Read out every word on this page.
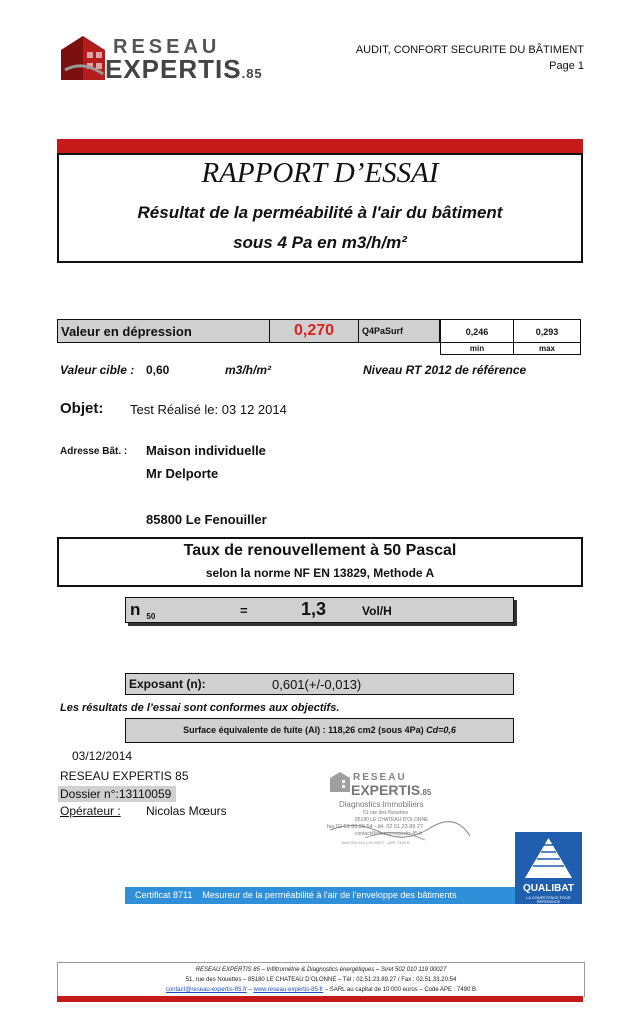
RESEAU
EXPERTIS.85
AUDIT, CONFORT SECURITE DU BÂTIMENT
Page 1
RAPPORT D’ESSAI
Résultat de la perméabilité à l'air du bâtiment
sous 4 Pa en m3/h/m²
Valeur en dépression	0,270	Q4PaSurf	0,246	0,293
min	max
Valeur cible : 0,60	m3/h/m²	Niveau RT 2012 de référence
Objet: Test Réalisé le: 03 12 2014
Adresse Bât. : Maison individuelle
Mr Delporte
85800 Le Fenouiller
Taux de renouvellement à 50 Pascal
selon la norme NF EN 13829, Methode A
n $_{50}$	=	1,3	Vol/H
Exposant (n):	0,601(+/-0,013)
Les résultats de l’essai sont conformes aux objectifs.
Surface équivalente de fuite (Al) : 118,26 cm2 (sous 4Pa) Cd=0,6
03/12/2014
RESEAU EXPERTIS 85
Dossier n°:13110059
Opérateur : Nicolas Mœurs
RESEAU
EXPERTIS.85
Diagnostics Immobiliers
51 rue des Nouettes
85180 LE CHATEAU D'OLONNE
fax 02 51 33 20 54 - tél. 02 51 23 89 27
contact@reseau-expertis-85.fr
Siret 502 010 119 00027 - APE 7490 B
QUALIBAT
LA COMPÉTENCE POUR RÉFÉRENCE
Certificat 8711    Mesureur de la perméabilité à l'air de l'enveloppe des bâtiments
RESEAU EXPERTIS 85 – Infiltrométrie & Diagnostics énergétiques – Siret 502 010 119 00027
51, rue des Nouettes – 85180 LE CHATEAU D’OLONNE – Tél : 02.51.23.89.27 / Fax : 02.51.33.20.54
contact@reseau-expertis-85.fr – www.reseau-expertis-85.fr – SARL au capital de 10 000 euros – Code APE : 7490 B
